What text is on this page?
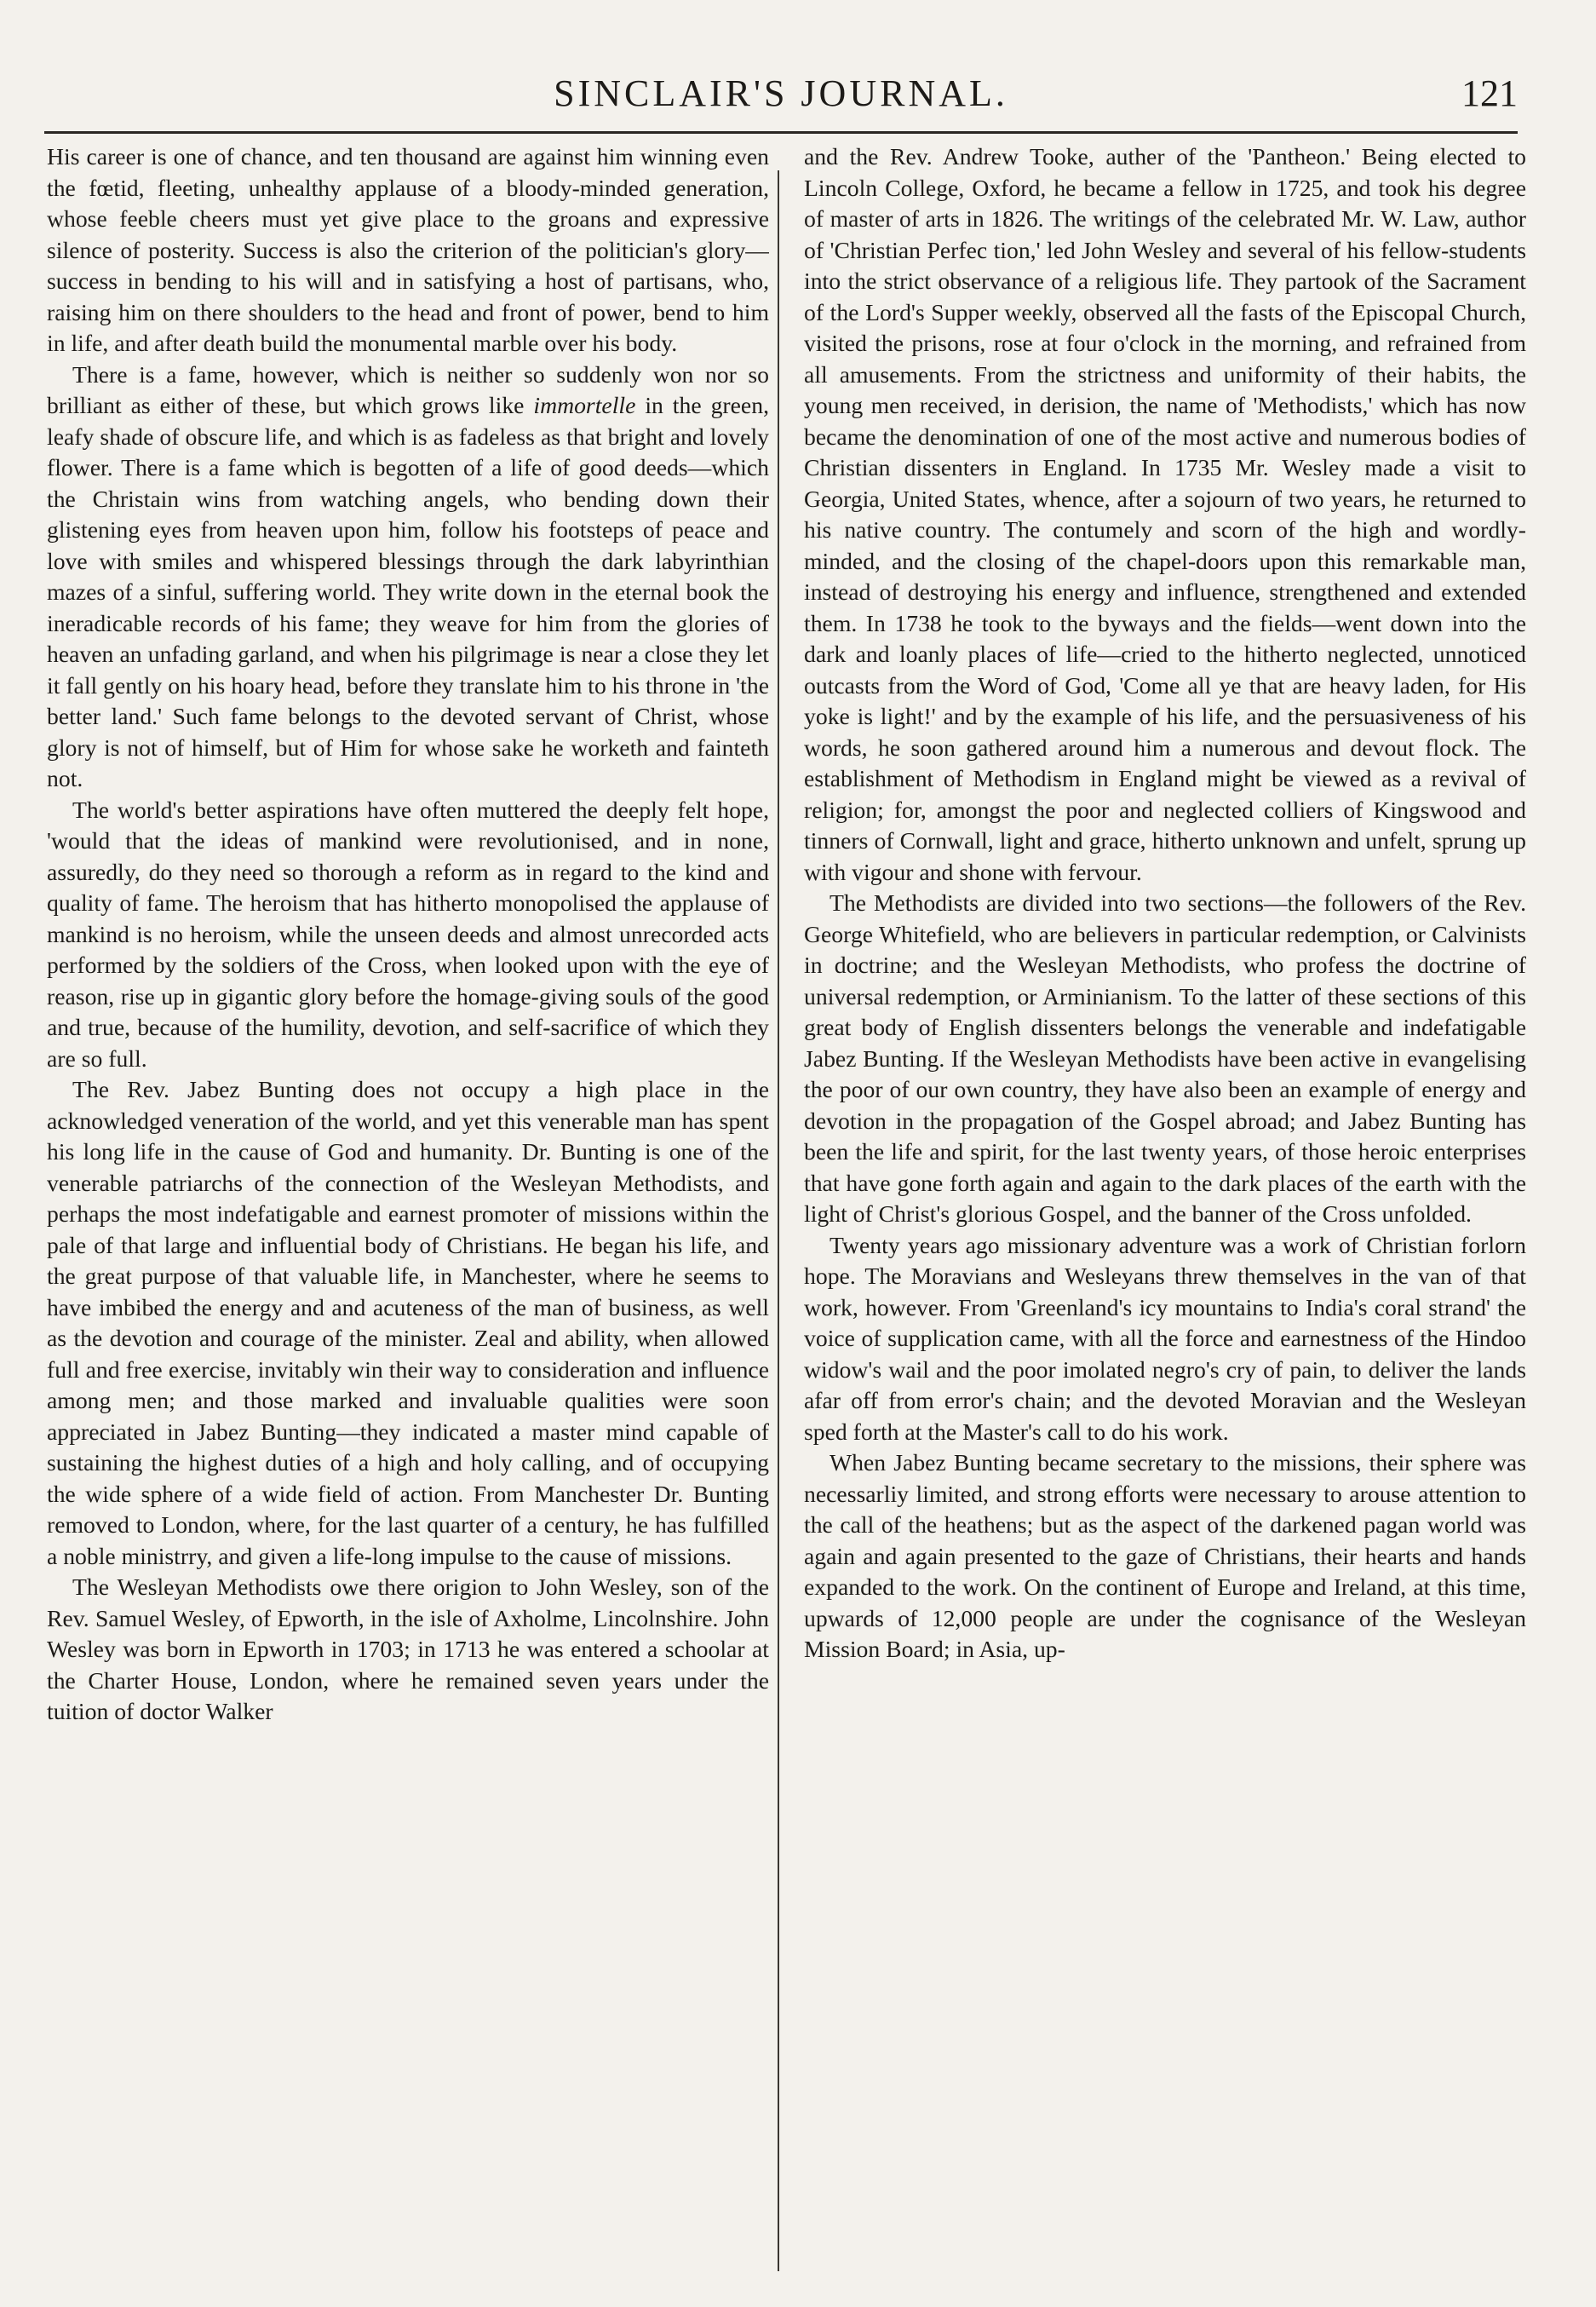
SINCLAIR'S JOURNAL.	121

His career is one of chance, and ten thousand are against him winning even the fœtid, fleeting, unhealthy applause of a bloody-minded generation, whose feeble cheers must yet give place to the groans and expressive silence of posterity. Success is also the criterion of the politician's glory—success in bending to his will and in satisfying a host of partisans, who, raising him on there shoulders to the head and front of power, bend to him in life, and after death build the monumental marble over his body.

There is a fame, however, which is neither so suddenly won nor so brilliant as either of these, but which grows like immortelle in the green, leafy shade of obscure life, and which is as fadeless as that bright and lovely flower. There is a fame which is begotten of a life of good deeds—which the Christain wins from watching angels, who bending down their glistening eyes from heaven upon him, follow his footsteps of peace and love with smiles and whispered blessings through the dark labyrinthian mazes of a sinful, suffering world. They write down in the eternal book the ineradicable records of his fame; they weave for him from the glories of heaven an unfading garland, and when his pilgrimage is near a close they let it fall gently on his hoary head, before they translate him to his throne in 'the better land.' Such fame belongs to the devoted servant of Christ, whose glory is not of himself, but of Him for whose sake he worketh and fainteth not.

The world's better aspirations have often muttered the deeply felt hope, 'would that the ideas of mankind were revolutionised, and in none, assuredly, do they need so thorough a reform as in regard to the kind and quality of fame. The heroism that has hitherto monopolised the applause of mankind is no heroism, while the unseen deeds and almost unrecorded acts performed by the soldiers of the Cross, when looked upon with the eye of reason, rise up in gigantic glory before the homage-giving souls of the good and true, because of the humility, devotion, and self-sacrifice of which they are so full.

The Rev. Jabez Bunting does not occupy a high place in the acknowledged veneration of the world, and yet this venerable man has spent his long life in the cause of God and humanity. Dr. Bunting is one of the venerable patriarchs of the connection of the Wesleyan Methodists, and perhaps the most indefatigable and earnest promoter of missions within the pale of that large and influential body of Christians. He began his life, and the great purpose of that valuable life, in Manchester, where he seems to have imbibed the energy and and acuteness of the man of business, as well as the devotion and courage of the minister. Zeal and ability, when allowed full and free exercise, invitably win their way to consideration and influence among men; and those marked and invaluable qualities were soon appreciated in Jabez Bunting—they indicated a master mind capable of sustaining the highest duties of a high and holy calling, and of occupying the wide sphere of a wide field of action. From Manchester Dr. Bunting removed to London, where, for the last quarter of a century, he has fulfilled a noble ministrry, and given a life-long impulse to the cause of missions.

The Wesleyan Methodists owe there origion to John Wesley, son of the Rev. Samuel Wesley, of Epworth, in the isle of Axholme, Lincolnshire. John Wesley was born in Epworth in 1703; in 1713 he was entered a schoolar at the Charter House, London, where he remained seven years under the tuition of doctor Walker

and the Rev. Andrew Tooke, auther of the 'Pantheon.' Being elected to Lincoln College, Oxford, he became a fellow in 1725, and took his degree of master of arts in 1826. The writings of the celebrated Mr. W. Law, author of 'Christian Perfec tion,' led John Wesley and several of his fellow-students into the strict observance of a religious life. They partook of the Sacrament of the Lord's Supper weekly, observed all the fasts of the Episcopal Church, visited the prisons, rose at four o'clock in the morning, and refrained from all amusements. From the strictness and uniformity of their habits, the young men received, in derision, the name of 'Methodists,' which has now became the denomination of one of the most active and numerous bodies of Christian dissenters in England. In 1735 Mr. Wesley made a visit to Georgia, United States, whence, after a sojourn of two years, he returned to his native country. The contumely and scorn of the high and wordly-minded, and the closing of the chapel-doors upon this remarkable man, instead of destroying his energy and influence, strengthened and extended them. In 1738 he took to the byways and the fields—went down into the dark and loanly places of life—cried to the hitherto neglected, unnoticed outcasts from the Word of God, 'Come all ye that are heavy laden, for His yoke is light!' and by the example of his life, and the persuasiveness of his words, he soon gathered around him a numerous and devout flock. The establishment of Methodism in England might be viewed as a revival of religion; for, amongst the poor and neglected colliers of Kingswood and tinners of Cornwall, light and grace, hitherto unknown and unfelt, sprung up with vigour and shone with fervour.

The Methodists are divided into two sections—the followers of the Rev. George Whitefield, who are believers in particular redemption, or Calvinists in doctrine; and the Wesleyan Methodists, who profess the doctrine of universal redemption, or Arminianism. To the latter of these sections of this great body of English dissenters belongs the venerable and indefatigable Jabez Bunting. If the Wesleyan Methodists have been active in evangelising the poor of our own country, they have also been an example of energy and devotion in the propagation of the Gospel abroad; and Jabez Bunting has been the life and spirit, for the last twenty years, of those heroic enterprises that have gone forth again and again to the dark places of the earth with the light of Christ's glorious Gospel, and the banner of the Cross unfolded.

Twenty years ago missionary adventure was a work of Christian forlorn hope. The Moravians and Wesleyans threw themselves in the van of that work, however. From 'Greenland's icy mountains to India's coral strand' the voice of supplication came, with all the force and earnestness of the Hindoo widow's wail and the poor imolated negro's cry of pain, to deliver the lands afar off from error's chain; and the devoted Moravian and the Wesleyan sped forth at the Master's call to do his work.

When Jabez Bunting became secretary to the missions, their sphere was necessarliy limited, and strong efforts were necessary to arouse attention to the call of the heathens; but as the aspect of the darkened pagan world was again and again presented to the gaze of Christians, their hearts and hands expanded to the work. On the continent of Europe and Ireland, at this time, upwards of 12,000 people are under the cognisance of the Wesleyan Mission Board; in Asia, up-
